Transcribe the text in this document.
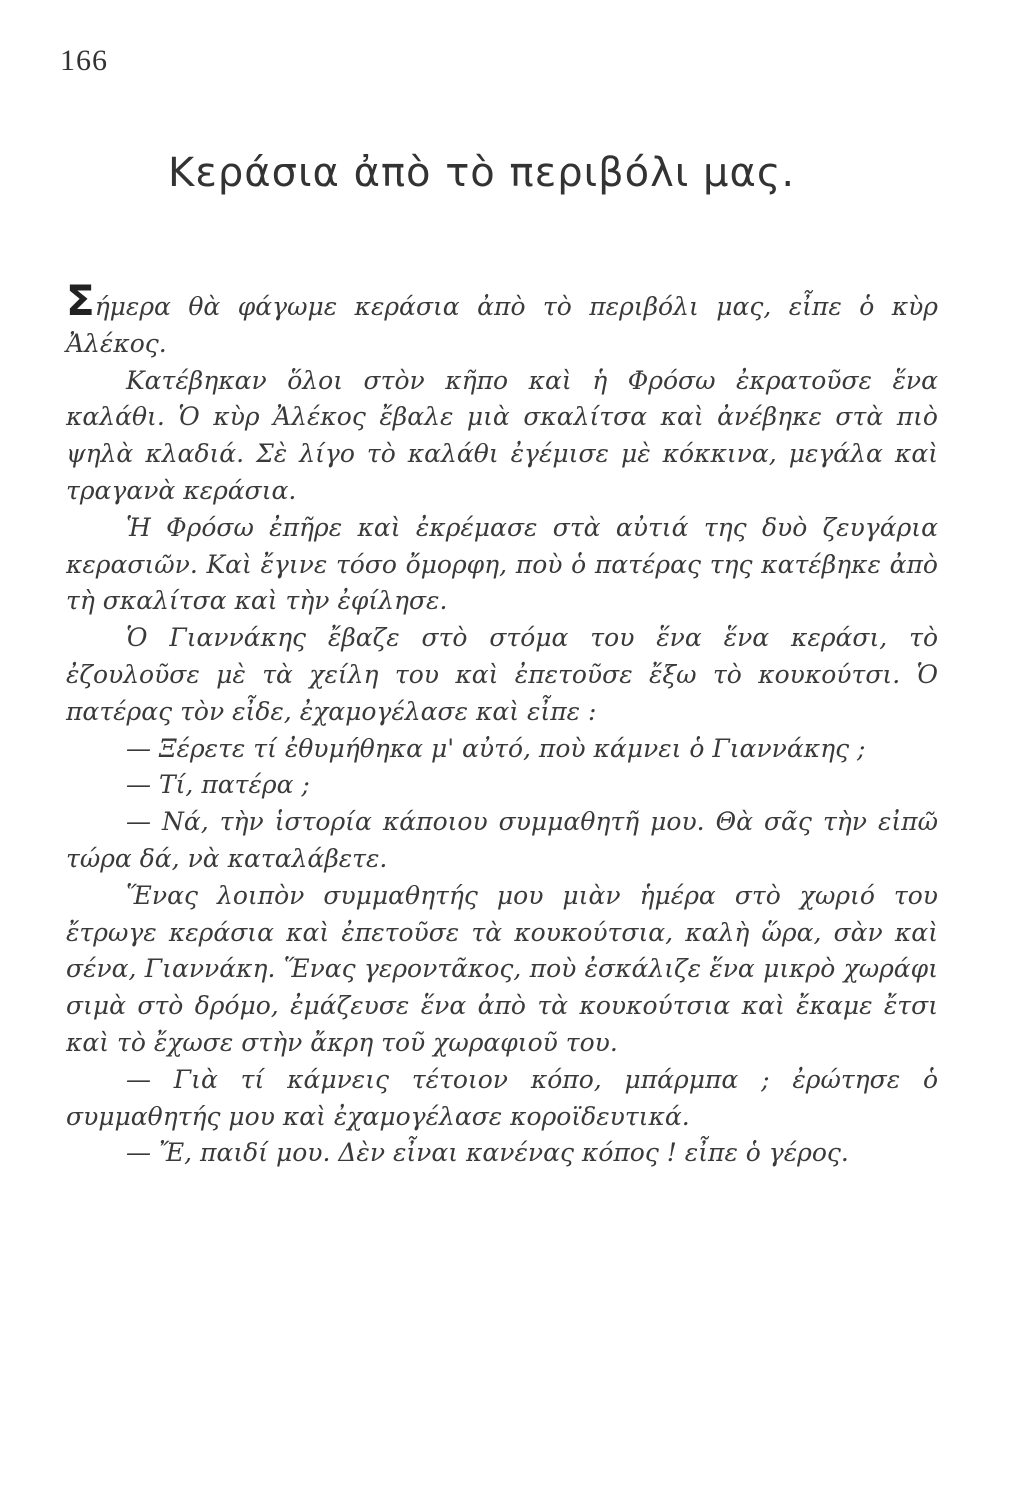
166
Κεράσια ἀπὸ τὸ περιβόλι μας.

Σήμερα θὰ φάγωμε κεράσια ἀπὸ τὸ περιβόλι μας, εἶπε ὁ κὺρ Ἀλέκος.

Κατέβηκαν ὅλοι στὸν κῆπο καὶ ἡ Φρόσω ἐκρατοῦσε ἕνα καλάθι. Ὁ κὺρ Ἀλέκος ἔβαλε μιὰ σκαλίτσα καὶ ἀνέβηκε στὰ πιὸ ψηλὰ κλαδιά. Σὲ λίγο τὸ καλάθι ἐγέμισε μὲ κόκκινα, μεγάλα καὶ τραγανὰ κεράσια.

Ἡ Φρόσω ἐπῆρε καὶ ἐκρέμασε στὰ αὐτιά της δυὸ ζευγάρια κερασιῶν. Καὶ ἔγινε τόσο ὄμορφη, ποὺ ὁ πατέρας της κατέβηκε ἀπὸ τὴ σκαλίτσα καὶ τὴν ἐφίλησε.

Ὁ Γιαννάκης ἔβαζε στὸ στόμα του ἕνα ἕνα κεράσι, τὸ ἐζουλοῦσε μὲ τὰ χείλη του καὶ ἐπετοῦσε ἔξω τὸ κουκούτσι. Ὁ πατέρας τὸν εἶδε, ἐχαμογέλασε καὶ εἶπε :

— Ξέρετε τί ἐθυμήθηκα μ' αὐτό, ποὺ κάμνει ὁ Γιαννάκης ;

— Τί, πατέρα ;

— Νά, τὴν ἱστορία κάποιου συμμαθητῆ μου. Θὰ σᾶς τὴν εἰπῶ τώρα δά, νὰ καταλάβετε.

Ἕνας λοιπὸν συμμαθητής μου μιὰν ἡμέρα στὸ χωριό του ἔτρωγε κεράσια καὶ ἐπετοῦσε τὰ κουκούτσια, καλὴ ὥρα, σὰν καὶ σένα, Γιαννάκη. Ἕνας γεροντᾶκος, ποὺ ἐσκάλιζε ἕνα μικρὸ χωράφι σιμὰ στὸ δρόμο, ἐμάζευσε ἕνα ἀπὸ τὰ κουκούτσια καὶ ἔκαμε ἔτσι καὶ τὸ ἔχωσε στὴν ἄκρη τοῦ χωραφιοῦ του.

— Γιὰ τί κάμνεις τέτοιον κόπο, μπάρμπα ; ἐρώτησε ὁ συμμαθητής μου καὶ ἐχαμογέλασε κοροϊδευτικά.

— Ἔ, παιδί μου. Δὲν εἶναι κανένας κόπος ! εἶπε ὁ γέρος.
